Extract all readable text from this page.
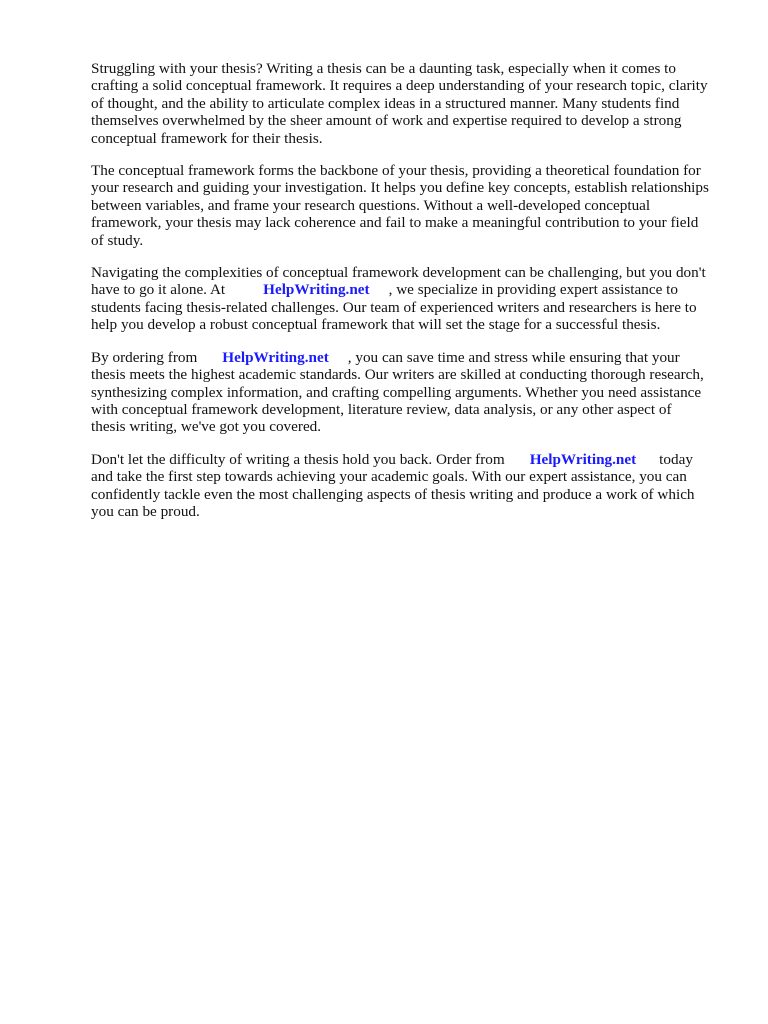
Struggling with your thesis? Writing a thesis can be a daunting task, especially when it comes to
crafting a solid conceptual framework. It requires a deep understanding of your research topic, clarity
of thought, and the ability to articulate complex ideas in a structured manner. Many students find
themselves overwhelmed by the sheer amount of work and expertise required to develop a strong
conceptual framework for their thesis.

The conceptual framework forms the backbone of your thesis, providing a theoretical foundation for
your research and guiding your investigation. It helps you define key concepts, establish relationships
between variables, and frame your research questions. Without a well-developed conceptual
framework, your thesis may lack coherence and fail to make a meaningful contribution to your field
of study.

Navigating the complexities of conceptual framework development can be challenging, but you don't
have to go it alone. At	HelpWriting.net , we specialize in providing expert assistance to
students facing thesis-related challenges. Our team of experienced writers and researchers is here to
help you develop a robust conceptual framework that will set the stage for a successful thesis.

By ordering from HelpWriting.net , you can save time and stress while ensuring that your
thesis meets the highest academic standards. Our writers are skilled at conducting thorough research,
synthesizing complex information, and crafting compelling arguments. Whether you need assistance
with conceptual framework development, literature review, data analysis, or any other aspect of
thesis writing, we've got you covered.

Don't let the difficulty of writing a thesis hold you back. Order from HelpWriting.net today
and take the first step towards achieving your academic goals. With our expert assistance, you can
confidently tackle even the most challenging aspects of thesis writing and produce a work of which
you can be proud.
